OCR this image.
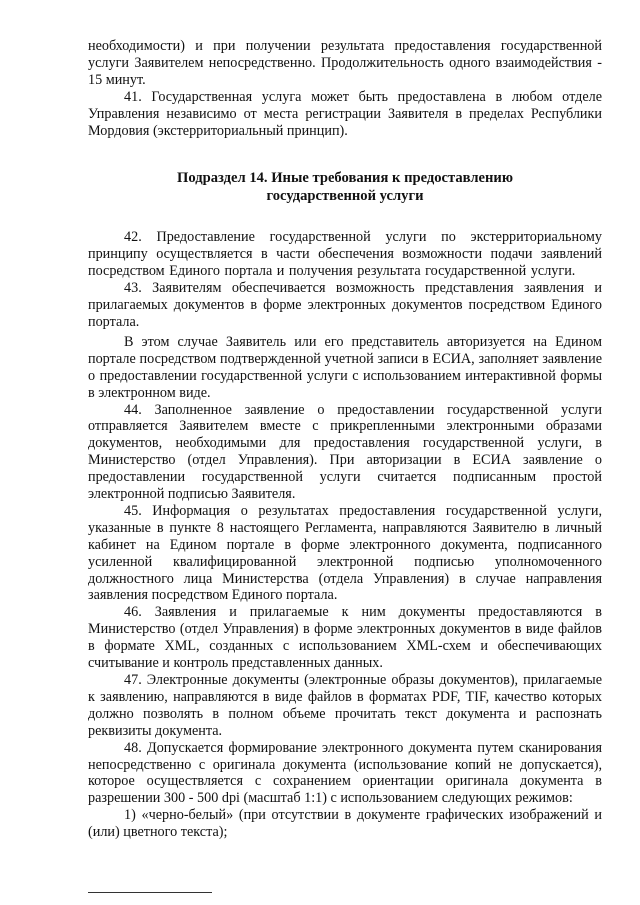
необходимости) и при получении результата предоставления государственной услуги Заявителем непосредственно. Продолжительность одного взаимодействия - 15 минут.

41. Государственная услуга может быть предоставлена в любом отделе Управления независимо от места регистрации Заявителя в пределах Республики Мордовия (экстерриториальный принцип).

Подраздел 14. Иные требования к предоставлению
государственной услуги

42. Предоставление государственной услуги по экстерриториальному принципу осуществляется в части обеспечения возможности подачи заявлений посредством Единого портала и получения результата государственной услуги.

43. Заявителям обеспечивается возможность представления заявления и прилагаемых документов в форме электронных документов посредством Единого портала.

В этом случае Заявитель или его представитель авторизуется на Едином портале посредством подтвержденной учетной записи в ЕСИА, заполняет заявление о предоставлении государственной услуги с использованием интерактивной формы в электронном виде.

44. Заполненное заявление о предоставлении государственной услуги отправляется Заявителем вместе с прикрепленными электронными образами документов, необходимыми для предоставления государственной услуги, в Министерство (отдел Управления). При авторизации в ЕСИА заявление о предоставлении государственной услуги считается подписанным простой электронной подписью Заявителя.

45. Информация о результатах предоставления государственной услуги, указанные в пункте 8 настоящего Регламента, направляются Заявителю в личный кабинет на Едином портале в форме электронного документа, подписанного усиленной квалифицированной электронной подписью уполномоченного должностного лица Министерства (отдела Управления) в случае направления заявления посредством Единого портала.

46. Заявления и прилагаемые к ним документы предоставляются в Министерство (отдел Управления) в форме электронных документов в виде файлов в формате XML, созданных с использованием XML-схем и обеспечивающих считывание и контроль представленных данных.

47. Электронные документы (электронные образы документов), прилагаемые к заявлению, направляются в виде файлов в форматах PDF, TIF, качество которых должно позволять в полном объеме прочитать текст документа и распознать реквизиты документа.

48. Допускается формирование электронного документа путем сканирования непосредственно с оригинала документа (использование копий не допускается), которое осуществляется с сохранением ориентации оригинала документа в разрешении 300 - 500 dpi (масштаб 1:1) с использованием следующих режимов:

1) «черно-белый» (при отсутствии в документе графических изображений и (или) цветного текста);
